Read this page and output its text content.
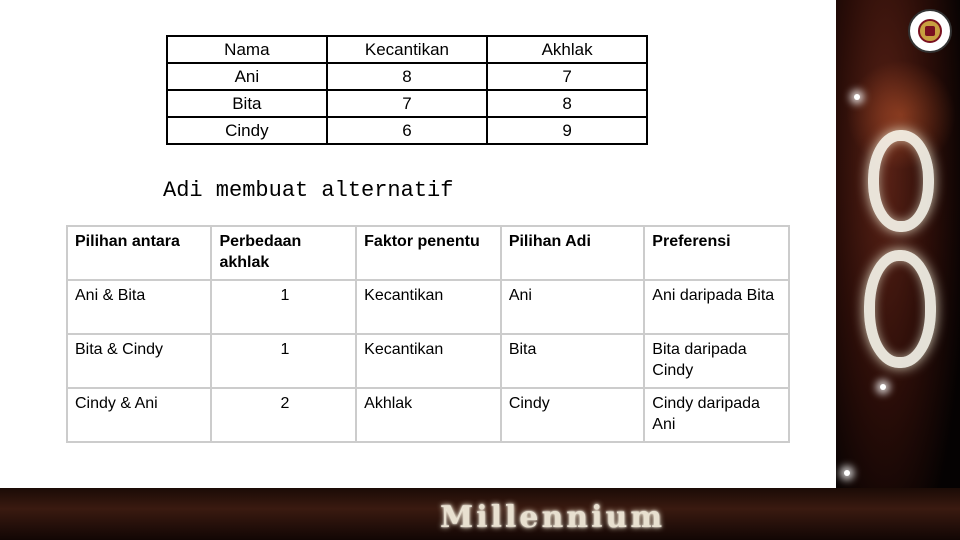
Millennium
Nama	Kecantikan	Akhlak
Ani	8	7
Bita	7	8
Cindy	6	9
Adi membuat alternatif
Pilihan antara	Perbedaan akhlak	Faktor penentu	Pilihan Adi	Preferensi
Ani & Bita	1	Kecantikan	Ani	Ani daripada Bita
Bita & Cindy	1	Kecantikan	Bita	Bita daripada Cindy
Cindy & Ani	2	Akhlak	Cindy	Cindy daripada Ani
